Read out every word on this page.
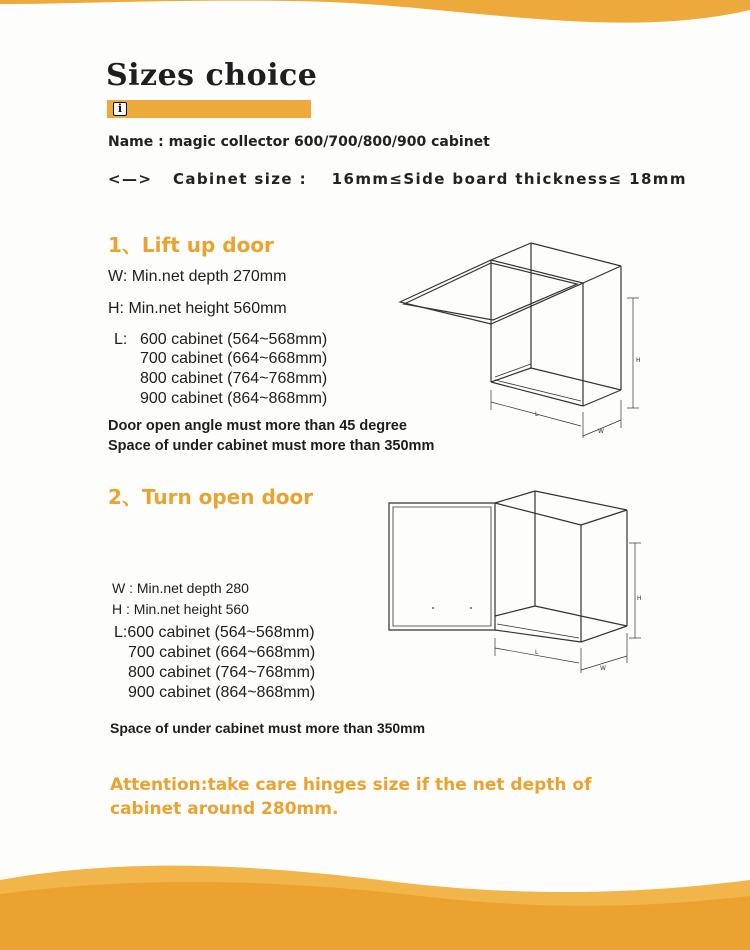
Sizes choice
i
Name : magic collector 600/700/800/900 cabinet
<—> Cabinet size : 16mm≤Side board thickness≤ 18mm
1、Lift up door
W: Min.net depth 270mm
H: Min.net height 560mm
L: 600 cabinet (564~568mm)
700 cabinet (664~668mm)
800 cabinet (764~768mm)
900 cabinet (864~868mm)
Door open angle must more than 45 degree
Space of under cabinet must more than 350mm
H
L
W
2、Turn open door
W : Min.net depth 280
H : Min.net height 560
L:600 cabinet (564~568mm)
700 cabinet (664~668mm)
800 cabinet (764~768mm)
900 cabinet (864~868mm)
Space of under cabinet must more than 350mm
H
L
W

Attention:take care hinges size if the net depth of cabinet around 280mm.
